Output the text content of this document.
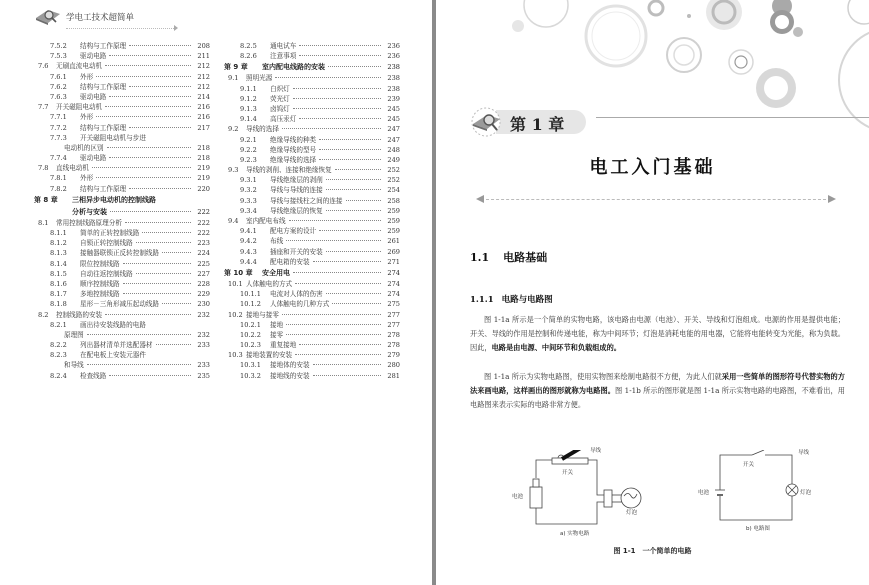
学电工技术超简单
7.5.2	结构与工作原理	208
7.5.3	驱动电路	211
7.6	无刷直流电动机	212
7.6.1	外形	212
7.6.2	结构与工作原理	212
7.6.3	驱动电路	214
7.7	开关磁阻电动机	216
7.7.1	外形	216
7.7.2	结构与工作原理	217
7.7.3	开关磁阻电动机与步进
电动机的区别	218
7.7.4	驱动电路	218
7.8	直线电动机	219
7.8.1	外形	219
7.8.2	结构与工作原理	220
第 8 章	三相异步电动机的控制线路
分析与安装	222
8.1	常用控制线路原理分析	222
8.1.1	简单的正转控制线路	222
8.1.2	自锁正转控制线路	223
8.1.3	接触器联锁正反转控制线路	224
8.1.4	限位控制线路	225
8.1.5	自动往返控制线路	227
8.1.6	顺序控制线路	228
8.1.7	多地控制线路	229
8.1.8	星形－三角形减压起动线路	230
8.2	控制线路的安装	232
8.2.1	画出待安装线路的电路
原理图	232
8.2.2	列出器材清单并选配器材	233
8.2.3	在配电板上安装元器件
和导线	233
8.2.4	检查线路	235
8.2.5	通电试车	236
8.2.6	注意事项	236
第 9 章	室内配电线路的安装	238
9.1	照明光源	238
9.1.1	白炽灯	238
9.1.2	荧光灯	239
9.1.3	卤钨灯	245
9.1.4	高压汞灯	245
9.2	导线的选择	247
9.2.1	绝缘导线的种类	247
9.2.2	绝缘导线的型号	248
9.2.3	绝缘导线的选择	249
9.3	导线的剥削、连接和绝缘恢复	252
9.3.1	导线绝缘层的剥削	252
9.3.2	导线与导线的连接	254
9.3.3	导线与接线柱之间的连接	258
9.3.4	导线绝缘层的恢复	259
9.4	室内配电布线	259
9.4.1	配电方案的设计	259
9.4.2	布线	261
9.4.3	插座和开关的安装	269
9.4.4	配电箱的安装	271
第 10 章	安全用电	274
10.1 人体触电的方式	274
10.1.1	电流对人体的伤害	274
10.1.2	人体触电的几种方式	275
10.2 接地与接零	277
10.2.1	接地	277
10.2.2	接零	278
10.2.3	重复接地	278
10.3 接地装置的安装	279
10.3.1	接地体的安装	280
10.3.2	接地线的安装	281
第 1 章
电工入门基础
1.1 电路基础
1.1.1 电路与电路图
图 1-1a 所示是一个简单的实物电路，该电路由电源（电池）、开关、导线和灯泡组成。电源的作用是提供电能；开关、导线的作用是控制和传递电能，称为中间环节；灯泡是消耗电能的用电器，它能将电能转变为光能，称为负载。因此，电路是由电源、中间环节和负载组成的。
图 1-1a 所示为实物电路图，使用实物图来绘制电路很不方便，为此人们就采用一些简单的图形符号代替实物的方法来画电路，这样画出的图形就称为电路图。图 1-1b 所示的图形就是图 1-1a 所示实物电路的电路图，不难看出，用电路图来表示实际的电路非常方便。
导线
开关
电池
灯泡
a) 实物电路
导线
开关
电池	灯泡
b) 电路图
图 1-1　一个简单的电路
